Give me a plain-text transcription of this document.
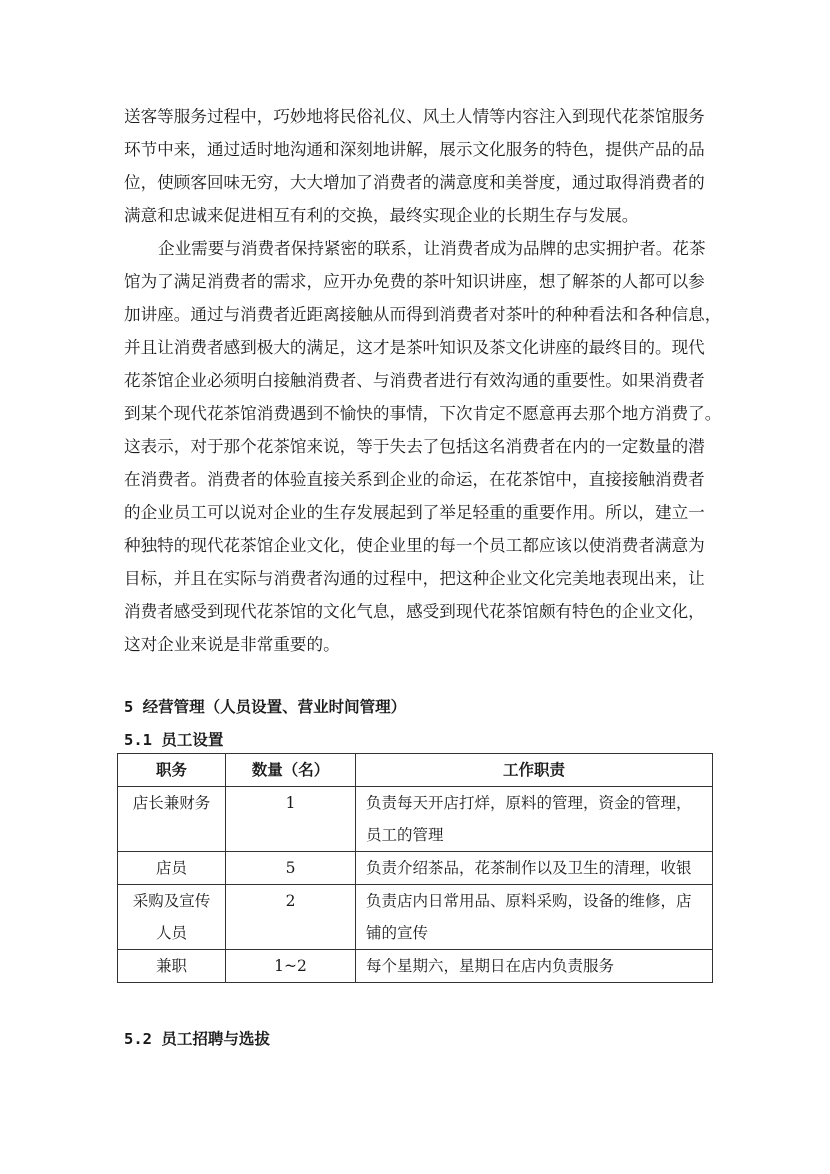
送客等服务过程中，巧妙地将民俗礼仪、风土人情等内容注入到现代花茶馆服务
环节中来，通过适时地沟通和深刻地讲解，展示文化服务的特色，提供产品的品
位，使顾客回味无穷，大大增加了消费者的满意度和美誉度，通过取得消费者的
满意和忠诚来促进相互有利的交换，最终实现企业的长期生存与发展。
企业需要与消费者保持紧密的联系，让消费者成为品牌的忠实拥护者。花茶
馆为了满足消费者的需求，应开办免费的茶叶知识讲座，想了解茶的人都可以参
加讲座。通过与消费者近距离接触从而得到消费者对茶叶的种种看法和各种信息，
并且让消费者感到极大的满足，这才是茶叶知识及茶文化讲座的最终目的。现代
花茶馆企业必须明白接触消费者、与消费者进行有效沟通的重要性。如果消费者
到某个现代花茶馆消费遇到不愉快的事情，下次肯定不愿意再去那个地方消费了。
这表示，对于那个花茶馆来说，等于失去了包括这名消费者在内的一定数量的潜
在消费者。消费者的体验直接关系到企业的命运，在花茶馆中，直接接触消费者
的企业员工可以说对企业的生存发展起到了举足轻重的重要作用。所以，建立一
种独特的现代花茶馆企业文化，使企业里的每一个员工都应该以使消费者满意为
目标，并且在实际与消费者沟通的过程中，把这种企业文化完美地表现出来，让
消费者感受到现代花茶馆的文化气息，感受到现代花茶馆颇有特色的企业文化，
这对企业来说是非常重要的。
5 经营管理（人员设置、营业时间管理）
5.1 员工设置
职务	数量（名）	工作职责
店长兼财务	1	负责每天开店打烊，原料的管理，资金的管理，员工的管理
店员	5	负责介绍茶品，花茶制作以及卫生的清理，收银
采购及宣传人员	2	负责店内日常用品、原料采购，设备的维修，店铺的宣传
兼职	1~2	每个星期六，星期日在店内负责服务
5.2 员工招聘与选拔
